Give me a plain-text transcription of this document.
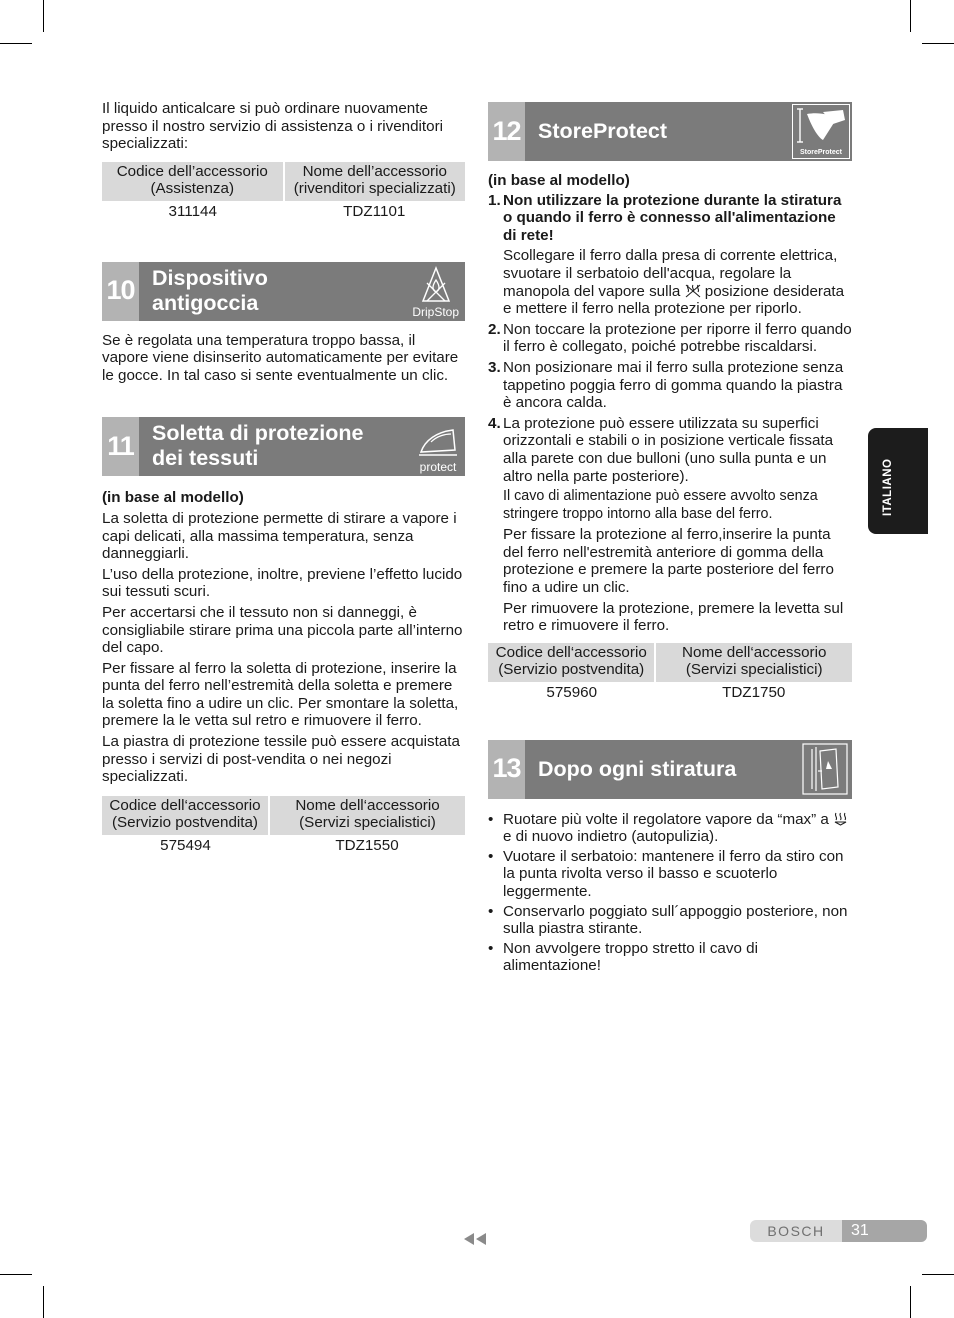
Il liquido anticalcare si può ordinare nuovamente presso il nostro servizio di assistenza o i rivenditori specializzati:

Codice dell’accessorio (Assistenza)	Nome dell’accessorio (rivenditori specializzati)
311144	TDZ1101
10 Dispositivo
antigoccia	DripStop

Se è regolata una temperatura troppo bassa, il vapore viene disinserito automaticamente per evitare le gocce. In tal caso si sente eventualmente un clic.

11 Soletta di protezione
dei tessuti	protect

(in base al modello)

La soletta di protezione permette di stirare a vapore i capi delicati, alla massima temperatura, senza danneggiarli.

L’uso della protezione, inoltre, previene l’effetto lucido sui tessuti scuri.

Per accertarsi che il tessuto non si danneggi, è consigliabile stirare prima una piccola parte all’interno del capo.

Per fissare al ferro la soletta di protezione, inserire la punta del ferro nell’estremità della soletta e premere la soletta fino a udire un clic. Per smontare la soletta, premere la le vetta sul retro e rimuovere il ferro.

La piastra di protezione tessile può essere acquistata presso i servizi di post-vendita o nei negozi specializzati.

Codice dell‘accessorio (Servizio postvendita)	Nome dell‘accessorio (Servizi specialistici)
575494	TDZ1550
12 StoreProtect
StoreProtect

(in base al modello)

1. Non utilizzare la protezione durante la stiratura o quando il ferro è connesso all'alimentazione di rete!

Scollegare il ferro dalla presa di corrente elettrica, svuotare il serbatoio dell'acqua, regolare la manopola del vapore sulla posizione desiderata e mettere il ferro nella protezione per riporlo.

2. Non toccare la protezione per riporre il ferro quando il ferro è collegato, poiché potrebbe riscaldarsi.
3. Non posizionare mai il ferro sulla protezione senza tappetino poggia ferro di gomma quando la piastra è ancora calda.
4. La protezione può essere utilizzata su superfici orizzontali e stabili o in posizione verticale fissata alla parete con due bulloni (uno sulla punta e un altro nella parte posteriore).

Il cavo di alimentazione può essere avvolto senza stringere troppo intorno alla base del ferro.

Per fissare la protezione al ferro,inserire la punta del ferro nell'estremità anteriore di gomma della protezione e premere la parte posteriore del ferro fino a udire un clic.

Per rimuovere la protezione, premere la levetta sul retro e rimuovere il ferro.

Codice dell‘accessorio (Servizio postvendita)	Nome dell‘accessorio (Servizi specialistici)
575960	TDZ1750
13 Dopo ogni stiratura
• Ruotare più volte il regolatore vapore da “max” a  e di nuovo indietro (autopulizia).
• Vuotare il serbatoio: mantenere il ferro da stiro con la punta rivolta verso il basso e scuoterlo leggermente.
• Conservarlo poggiato sull´appoggio posteriore, non sulla piastra stirante.
• Non avvolgere troppo stretto il cavo di alimentazione!
ITALIANO
BOSCH	31
